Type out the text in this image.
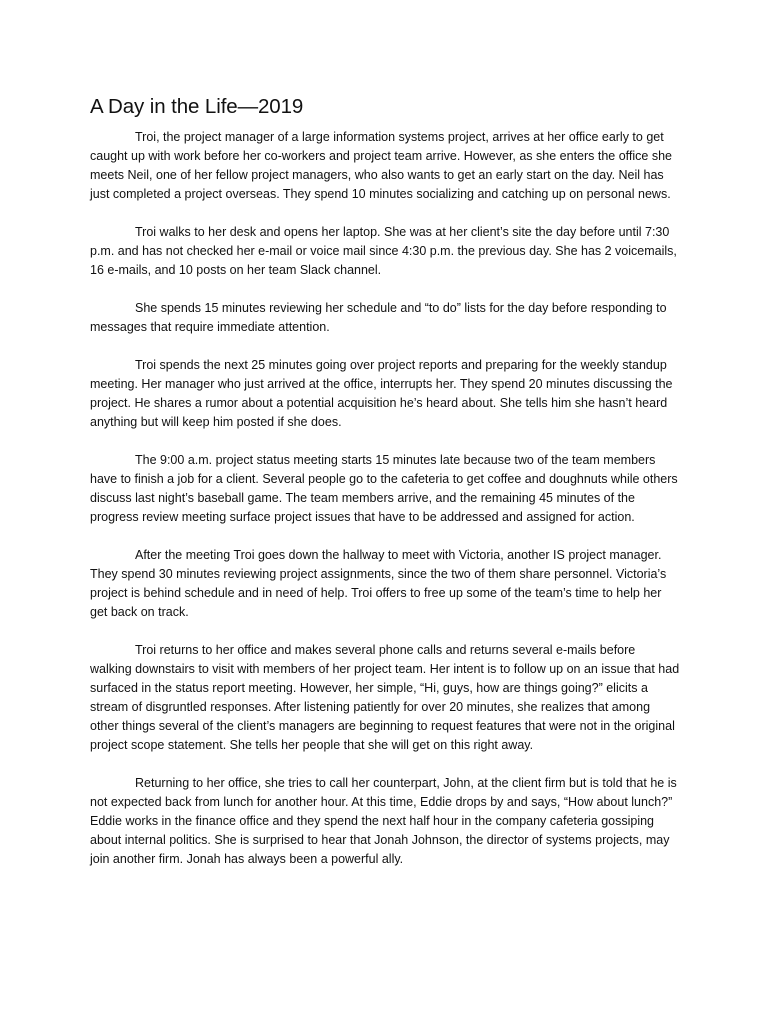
A Day in the Life—2019

Troi, the project manager of a large information systems project, arrives at her office early to get caught up with work before her co-workers and project team arrive. However, as she enters the office she meets Neil, one of her fellow project managers, who also wants to get an early start on the day. Neil has just completed a project overseas. They spend 10 minutes socializing and catching up on personal news.

Troi walks to her desk and opens her laptop. She was at her client’s site the day before until 7:30 p.m. and has not checked her e-mail or voice mail since 4:30 p.m. the previous day. She has 2 voicemails, 16 e-mails, and 10 posts on her team Slack channel.

She spends 15 minutes reviewing her schedule and “to do” lists for the day before responding to messages that require immediate attention.

Troi spends the next 25 minutes going over project reports and preparing for the weekly standup meeting. Her manager who just arrived at the office, interrupts her. They spend 20 minutes discussing the project. He shares a rumor about a potential acquisition he’s heard about. She tells him she hasn’t heard anything but will keep him posted if she does.

The 9:00 a.m. project status meeting starts 15 minutes late because two of the team members have to finish a job for a client. Several people go to the cafeteria to get coffee and doughnuts while others discuss last night’s baseball game. The team members arrive, and the remaining 45 minutes of the progress review meeting surface project issues that have to be addressed and assigned for action.

After the meeting Troi goes down the hallway to meet with Victoria, another IS project manager. They spend 30 minutes reviewing project assignments, since the two of them share personnel. Victoria’s project is behind schedule and in need of help. Troi offers to free up some of the team’s time to help her get back on track.

Troi returns to her office and makes several phone calls and returns several e-mails before walking downstairs to visit with members of her project team. Her intent is to follow up on an issue that had surfaced in the status report meeting. However, her simple, “Hi, guys, how are things going?” elicits a stream of disgruntled responses. After listening patiently for over 20 minutes, she realizes that among other things several of the client’s managers are beginning to request features that were not in the original project scope statement. She tells her people that she will get on this right away.

Returning to her office, she tries to call her counterpart, John, at the client firm but is told that he is not expected back from lunch for another hour. At this time, Eddie drops by and says, “How about lunch?” Eddie works in the finance office and they spend the next half hour in the company cafeteria gossiping about internal politics. She is surprised to hear that Jonah Johnson, the director of systems projects, may join another firm. Jonah has always been a powerful ally.
